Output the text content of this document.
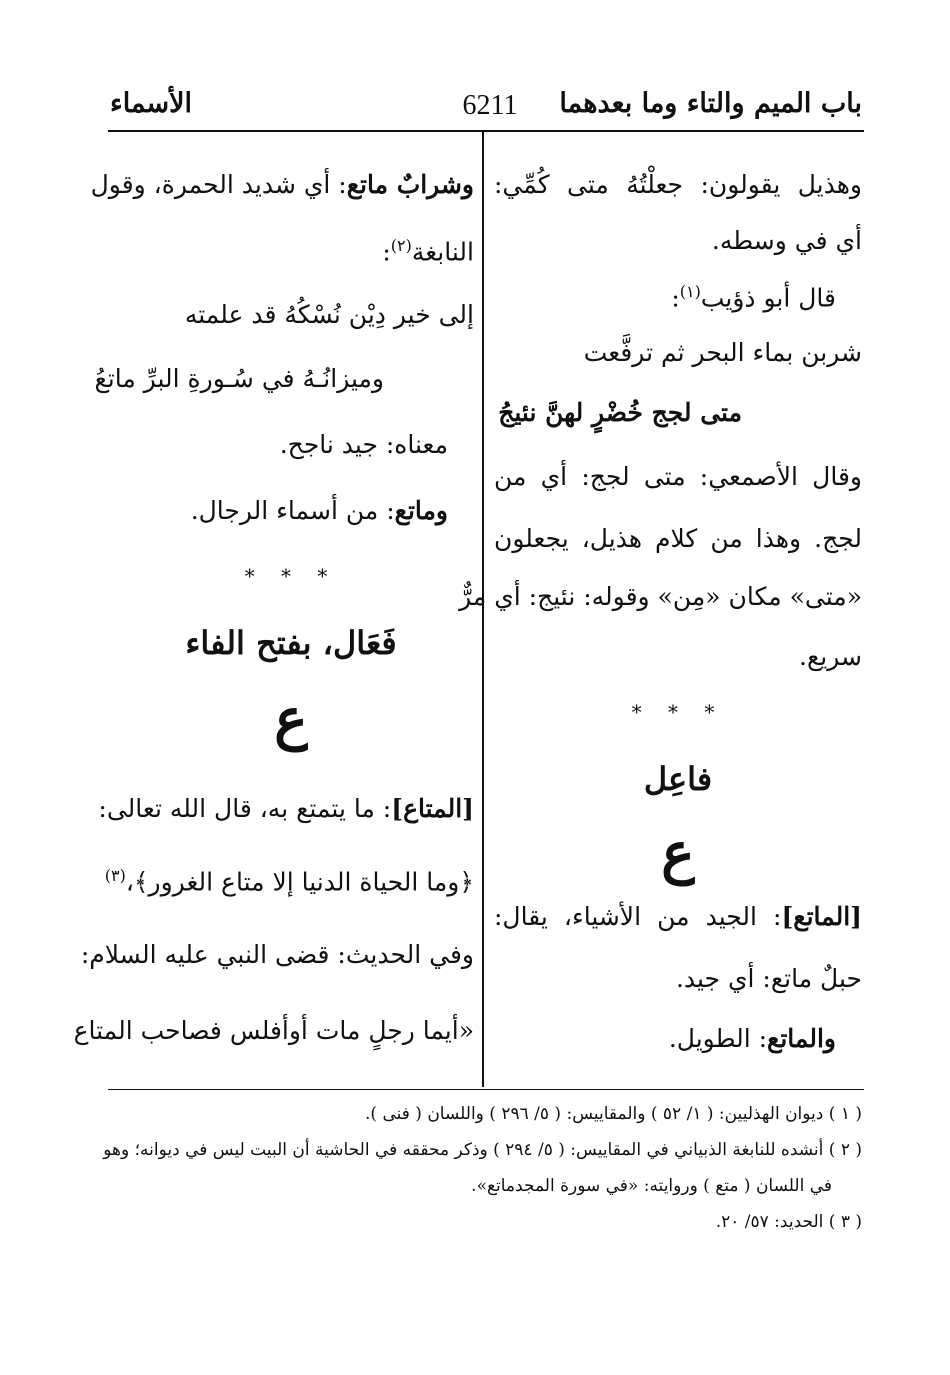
باب الميم والتاء وما بعدهما
6211
الأسماء
وهذيل يقولون: جعلْتُهُ متى كُمِّي:
أي في وسطه.
قال أبو ذؤيب$^{(١)}$:
شربن بماء البحر ثم ترفَّعت
متى لجج خُضْرٍ لهنَّ نئيجُ
وقال الأصمعي: متى لجج: أي من
لجج. وهذا من كلام هذيل، يجعلون
«متى» مكان «مِن» وقوله: نئيج: أي مرٌّ
سريع.
* * *
فاعِل
ع
[الماتع]: الجيد من الأشياء، يقال:
حبلٌ ماتع: أي جيد.
والماتع: الطويل.
وشرابٌ ماتع: أي شديد الحمرة، وقول
النابغة$^{(٢)}$:
إلى خير دِيْن نُسْكُهُ قد علمته
وميزانُـهُ في سُـورةِ البرِّ ماتعُ
معناه: جيد ناجح.
وماتع: من أسماء الرجال.
* * *
فَعَال، بفتح الفاء
ع
[المتاع]: ما يتمتع به، قال الله تعالى:
﴿وما الحياة الدنيا إلا متاع الغرور﴾،$^{(٣)}$
وفي الحديث: قضى النبي عليه السلام:
«أيما رجلٍ مات أوأفلس فصاحب المتاع
( ١ ) ديوان الهذليين: ( ١/ ٥٢ ) والمقاييس: ( ٥/ ٢٩٦ ) واللسان ( فنى ).
( ٢ ) أنشده للنابغة الذبياني في المقاييس: ( ٥/ ٢٩٤ ) وذكر محققه في الحاشية أن البيت ليس في ديوانه؛ وهو
في اللسان ( متع ) وروايته: «في سورة المجدماتع».
( ٣ ) الحديد: ٥٧/ ٢٠.
